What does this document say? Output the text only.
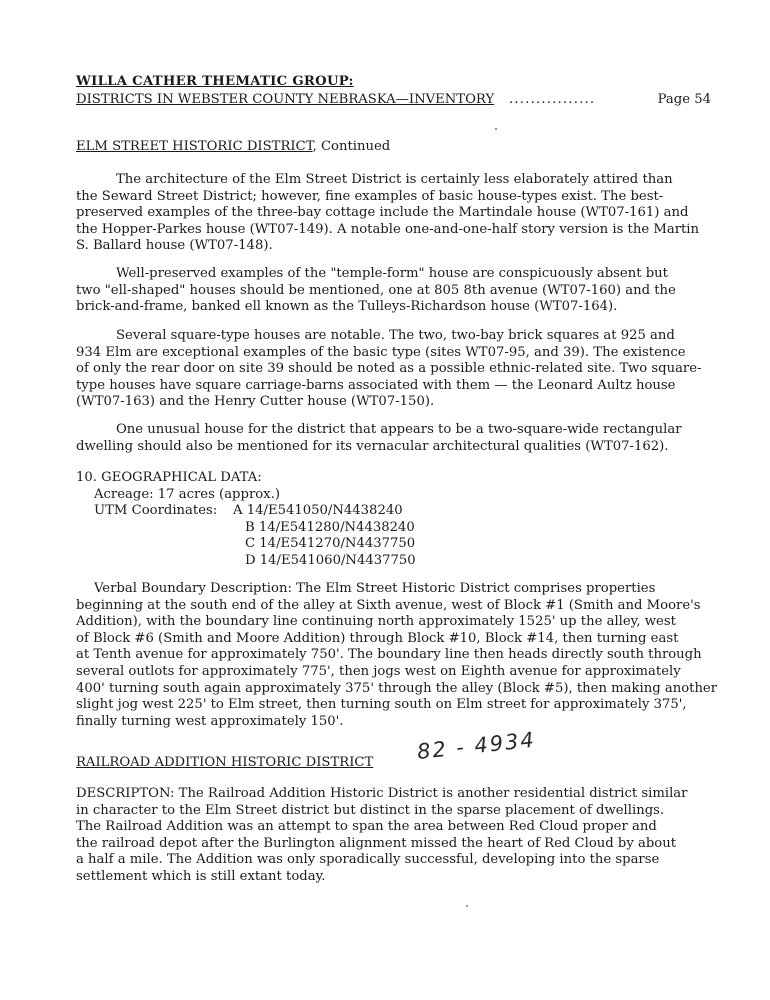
WILLA CATHER THEMATIC GROUP:
DISTRICTS IN WEBSTER COUNTY NEBRASKA—INVENTORY	................	Page 54
ELM STREET HISTORIC DISTRICT, Continued
The architecture of the Elm Street District is certainly less elaborately attired than
the Seward Street District; however, fine examples of basic house-types exist. The best-
preserved examples of the three-bay cottage include the Martindale house (WT07-161) and
the Hopper-Parkes house (WT07-149). A notable one-and-one-half story version is the Martin
S. Ballard house (WT07-148).
Well-preserved examples of the "temple-form" house are conspicuously absent but
two "ell-shaped" houses should be mentioned, one at 805 8th avenue (WT07-160) and the
brick-and-frame, banked ell known as the Tulleys-Richardson house (WT07-164).
Several square-type houses are notable. The two, two-bay brick squares at 925 and
934 Elm are exceptional examples of the basic type (sites WT07-95, and 39). The existence
of only the rear door on site 39 should be noted as a possible ethnic-related site. Two square-
type houses have square carriage-barns associated with them — the Leonard Aultz house
(WT07-163) and the Henry Cutter house (WT07-150).
One unusual house for the district that appears to be a two-square-wide rectangular
dwelling should also be mentioned for its vernacular architectural qualities (WT07-162).
10. GEOGRAPHICAL DATA:
Acreage: 17 acres (approx.)
UTM Coordinates:	A 14/E541050/N4438240
	B 14/E541280/N4438240
	C 14/E541270/N4437750
	D 14/E541060/N4437750
Verbal Boundary Description: The Elm Street Historic District comprises properties
beginning at the south end of the alley at Sixth avenue, west of Block #1 (Smith and Moore's
Addition), with the boundary line continuing north approximately 1525' up the alley, west
of Block #6 (Smith and Moore Addition) through Block #10, Block #14, then turning east
at Tenth avenue for approximately 750'. The boundary line then heads directly south through
several outlots for approximately 775', then jogs west on Eighth avenue for approximately
400' turning south again approximately 375' through the alley (Block #5), then making another
slight jog west 225' to Elm street, then turning south on Elm street for approximately 375',
finally turning west approximately 150'.
RAILROAD ADDITION HISTORIC DISTRICT	82 - 4934
DESCRIPTON: The Railroad Addition Historic District is another residential district similar
in character to the Elm Street district but distinct in the sparse placement of dwellings.
The Railroad Addition was an attempt to span the area between Red Cloud proper and
the railroad depot after the Burlington alignment missed the heart of Red Cloud by about
a half a mile. The Addition was only sporadically successful, developing into the sparse
settlement which is still extant today.
